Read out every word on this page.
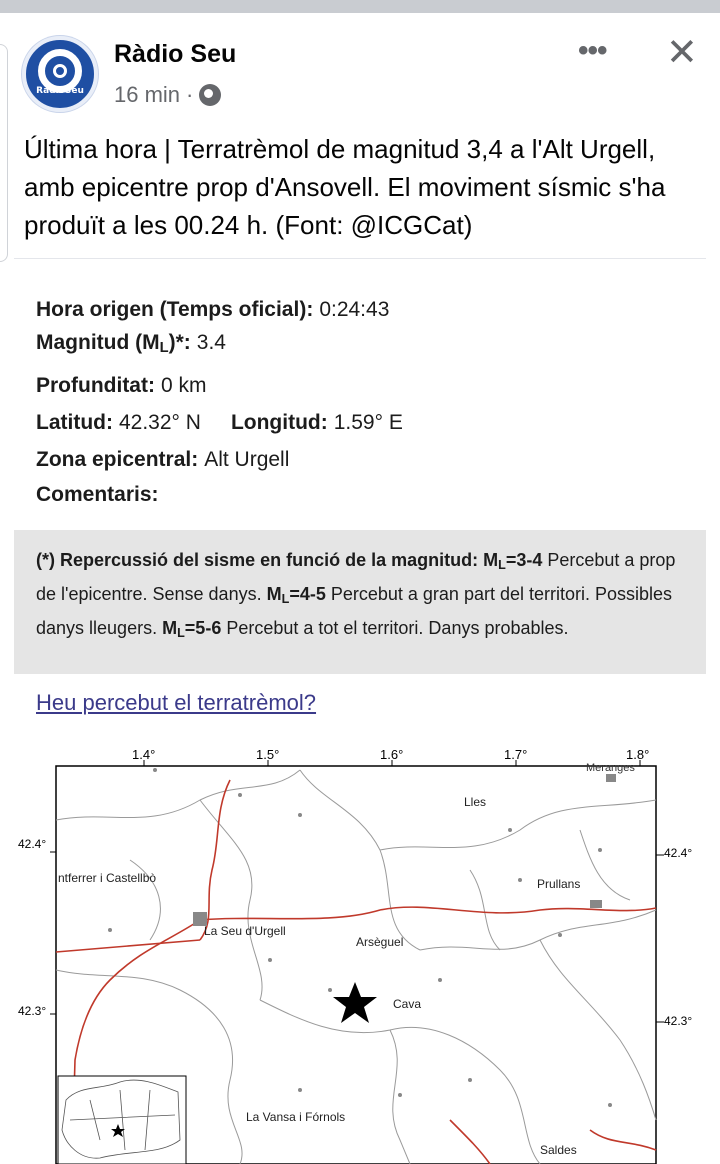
RàdioSeu
Ràdio Seu
16 min ·
••• ✕
Última hora | Terratrèmol de magnitud 3,4 a l'Alt Urgell, amb epicentre prop d'Ansovell. El moviment sísmic s'ha produït a les 00.24 h. (Font: @ICGCat)
Hora origen (Temps oficial): 0:24:43
Magnitud $(M_L)*$: 3.4
Profunditat: 0 km
Latitud: 42.32° N Longitud: 1.59° E
Zona epicentral: Alt Urgell
Comentaris:
(*) Repercussió del sisme en funció de la magnitud: $M_L=3-4$ Percebut a prop de l'epicentre. Sense danys. $M_L=4-5$ Percebut a gran part del territori. Possibles danys lleugers. $M_L=5-6$ Percebut a tot el territori. Danys probables.
Heu percebut el terratrèmol?
1.4°	1.5°	1.6°	1.7°	1.8°
42.4°
42.3°
42.4°
42.3°
Meranges
Lles
ntferrer i Castellbò	Prullans
La Seu d'Urgell
Arsèguel
Cava
La Vansa i Fórnols
Saldes
